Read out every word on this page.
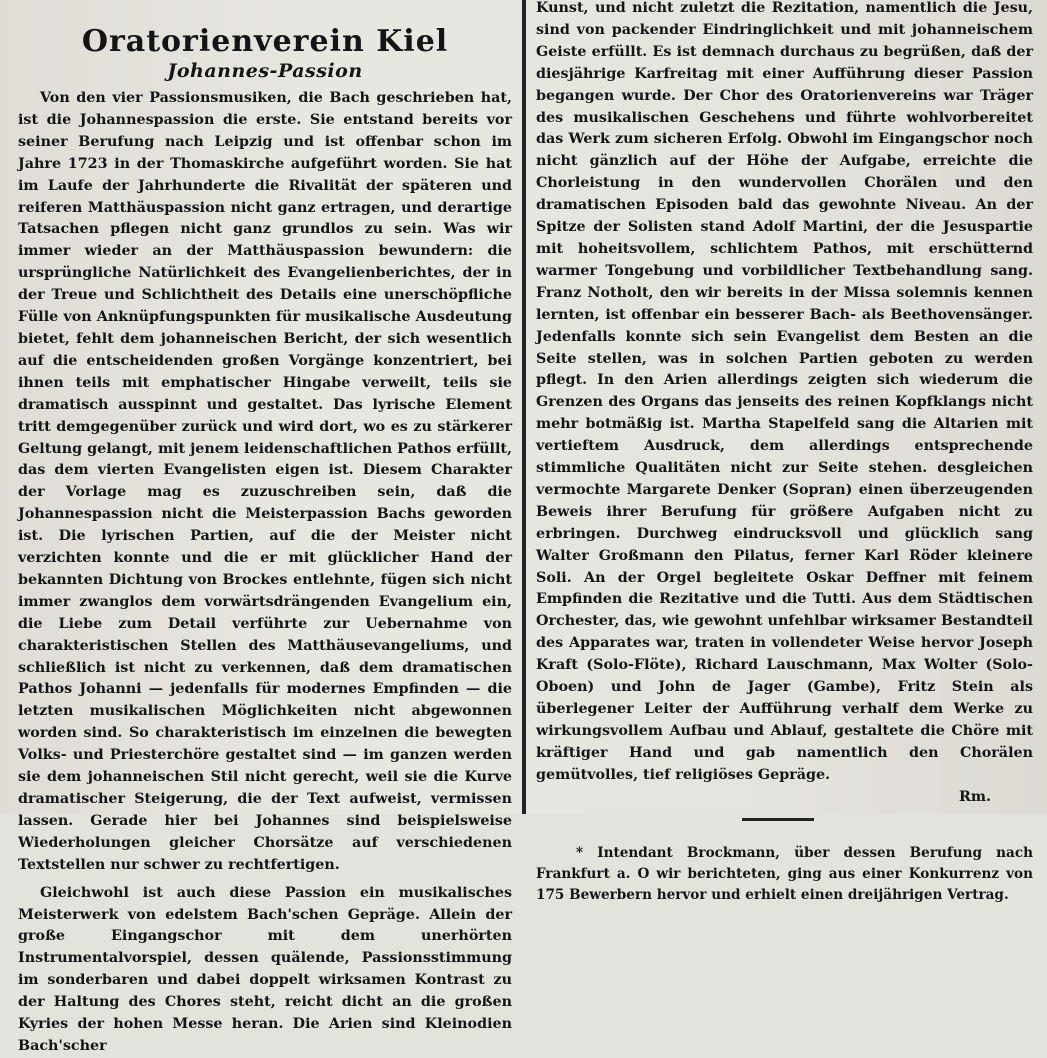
Oratorienverein Kiel
Johannes-Passion

Von den vier Passionsmusiken, die Bach geschrieben hat, ist die Johannespassion die erste. Sie entstand bereits vor seiner Berufung nach Leipzig und ist offenbar schon im Jahre 1723 in der Thomaskirche aufgeführt worden. Sie hat im Laufe der Jahrhunderte die Rivalität der späteren und reiferen Matthäuspassion nicht ganz ertragen, und derartige Tatsachen pflegen nicht ganz grundlos zu sein. Was wir immer wieder an der Matthäuspassion bewundern: die ursprüngliche Natürlichkeit des Evangelienberichtes, der in der Treue und Schlichtheit des Details eine unerschöpfliche Fülle von Anknüpfungspunkten für musikalische Ausdeutung bietet, fehlt dem johanneischen Bericht, der sich wesentlich auf die entscheidenden großen Vorgänge konzentriert, bei ihnen teils mit emphatischer Hingabe verweilt, teils sie dramatisch ausspinnt und gestaltet. Das lyrische Element tritt demgegenüber zurück und wird dort, wo es zu stärkerer Geltung gelangt, mit jenem leidenschaftlichen Pathos erfüllt, das dem vierten Evangelisten eigen ist. Diesem Charakter der Vorlage mag es zuzuschreiben sein, daß die Johannespassion nicht die Meisterpassion Bachs geworden ist. Die lyrischen Partien, auf die der Meister nicht verzichten konnte und die er mit glücklicher Hand der bekannten Dichtung von Brockes entlehnte, fügen sich nicht immer zwanglos dem vorwärtsdrängenden Evangelium ein, die Liebe zum Detail verführte zur Uebernahme von charakteristischen Stellen des Matthäusevangeliums, und schließlich ist nicht zu verkennen, daß dem dramatischen Pathos Johanni — jedenfalls für modernes Empfinden — die letzten musikalischen Möglichkeiten nicht abgewonnen worden sind. So charakteristisch im einzelnen die bewegten Volks- und Priesterchöre gestaltet sind — im ganzen werden sie dem johanneischen Stil nicht gerecht, weil sie die Kurve dramatischer Steigerung, die der Text aufweist, vermissen lassen. Gerade hier bei Johannes sind beispielsweise Wiederholungen gleicher Chorsätze auf verschiedenen Textstellen nur schwer zu rechtfertigen.

Gleichwohl ist auch diese Passion ein musikalisches Meisterwerk von edelstem Bach'schen Gepräge. Allein der große Eingangschor mit dem unerhörten Instrumentalvorspiel, dessen quälende, Passionsstimmung im sonderbaren und dabei doppelt wirksamen Kontrast zu der Haltung des Chores steht, reicht dicht an die großen Kyries der hohen Messe heran. Die Arien sind Kleinodien Bach'scher

Kunst, und nicht zuletzt die Rezitation, namentlich die Jesu, sind von packender Eindringlichkeit und mit johanneischem Geiste erfüllt. Es ist demnach durchaus zu begrüßen, daß der diesjährige Karfreitag mit einer Aufführung dieser Passion begangen wurde. Der Chor des Oratorienvereins war Träger des musikalischen Geschehens und führte wohlvorbereitet das Werk zum sicheren Erfolg. Obwohl im Eingangschor noch nicht gänzlich auf der Höhe der Aufgabe, erreichte die Chorleistung in den wundervollen Chorälen und den dramatischen Episoden bald das gewohnte Niveau. An der Spitze der Solisten stand Adolf Martini, der die Jesuspartie mit hoheitsvollem, schlichtem Pathos, mit erschütternd warmer Tongebung und vorbildlicher Textbehandlung sang. Franz Notholt, den wir bereits in der Missa solemnis kennen lernten, ist offenbar ein besserer Bach- als Beethovensänger. Jedenfalls konnte sich sein Evangelist dem Besten an die Seite stellen, was in solchen Partien geboten zu werden pflegt. In den Arien allerdings zeigten sich wiederum die Grenzen des Organs das jenseits des reinen Kopfklangs nicht mehr botmäßig ist. Martha Stapelfeld sang die Altarien mit vertieftem Ausdruck, dem allerdings entsprechende stimmliche Qualitäten nicht zur Seite stehen. desgleichen vermochte Margarete Denker (Sopran) einen überzeugenden Beweis ihrer Berufung für größere Aufgaben nicht zu erbringen. Durchweg eindrucksvoll und glücklich sang Walter Großmann den Pilatus, ferner Karl Röder kleinere Soli. An der Orgel begleitete Oskar Deffner mit feinem Empfinden die Rezitative und die Tutti. Aus dem Städtischen Orchester, das, wie gewohnt unfehlbar wirksamer Bestandteil des Apparates war, traten in vollendeter Weise hervor Joseph Kraft (Solo-Flöte), Richard Lauschmann, Max Wolter (Solo-Oboen) und John de Jager (Gambe), Fritz Stein als überlegener Leiter der Aufführung verhalf dem Werke zu wirkungsvollem Aufbau und Ablauf, gestaltete die Chöre mit kräftiger Hand und gab namentlich den Chorälen gemütvolles, tief religiöses Gepräge.

Rm.

* Intendant Brockmann, über dessen Berufung nach Frankfurt a. O wir berichteten, ging aus einer Konkurrenz von 175 Bewerbern hervor und erhielt einen dreijährigen Vertrag.
